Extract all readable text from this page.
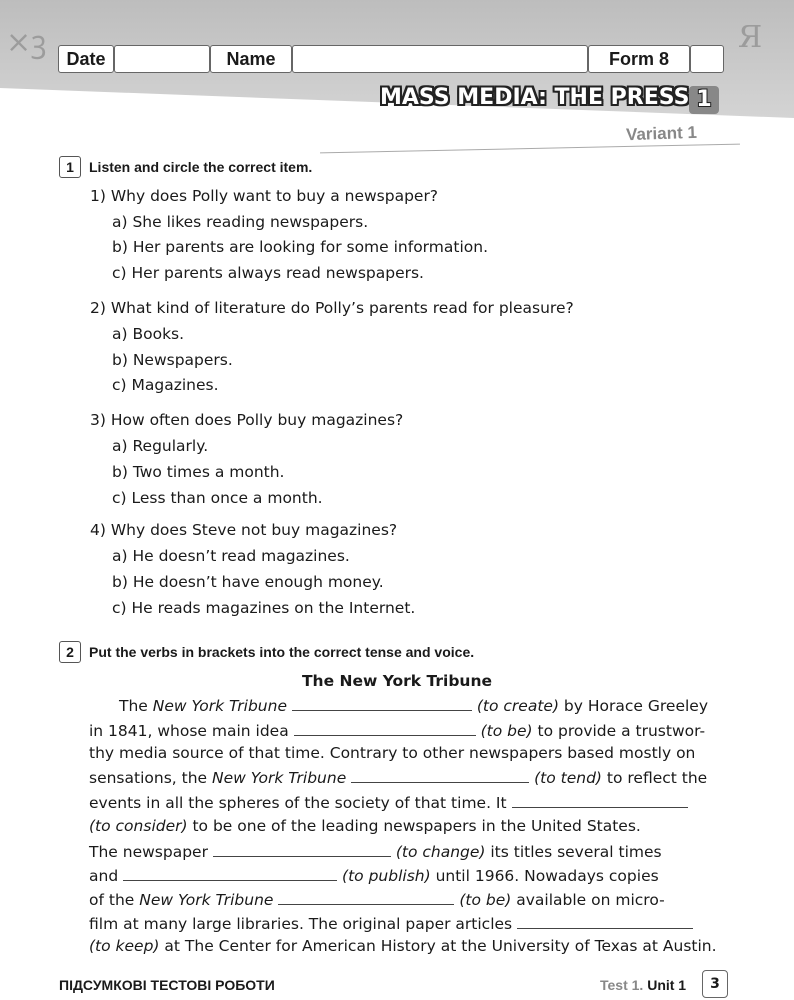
×ꝫ	Я
Date	Name	Form 8
MASS MEDIA: THE PRESS 1
Variant 1
1 Listen and circle the correct item.
1) Why does Polly want to buy a newspaper?
a) She likes reading newspapers.
b) Her parents are looking for some information.
c) Her parents always read newspapers.
2) What kind of literature do Polly’s parents read for pleasure?
a) Books.
b) Newspapers.
c) Magazines.
3) How often does Polly buy magazines?
a) Regularly.
b) Two times a month.
c) Less than once a month.
4) Why does Steve not buy magazines?
a) He doesn’t read magazines.
b) He doesn’t have enough money.
c) He reads magazines on the Internet.
2 Put the verbs in brackets into the correct tense and voice.
The New York Tribune
The New York Tribune	(to create) by Horace Greeley
in 1841, whose main idea	(to be) to provide a trustwor-
thy media source of that time. Contrary to other newspapers based mostly on
sensations, the New York Tribune	(to tend) to reflect the
events in all the spheres of the society of that time. It
(to consider) to be one of the leading newspapers in the United States.
The newspaper	(to change) its titles several times
and	(to publish) until 1966. Nowadays copies
of the New York Tribune	(to be) available on micro-
film at many large libraries. The original paper articles
(to keep) at The Center for American History at the University of Texas at Austin.
ПІДСУМКОВІ ТЕСТОВІ РОБОТИ	Test 1. Unit 1	3
